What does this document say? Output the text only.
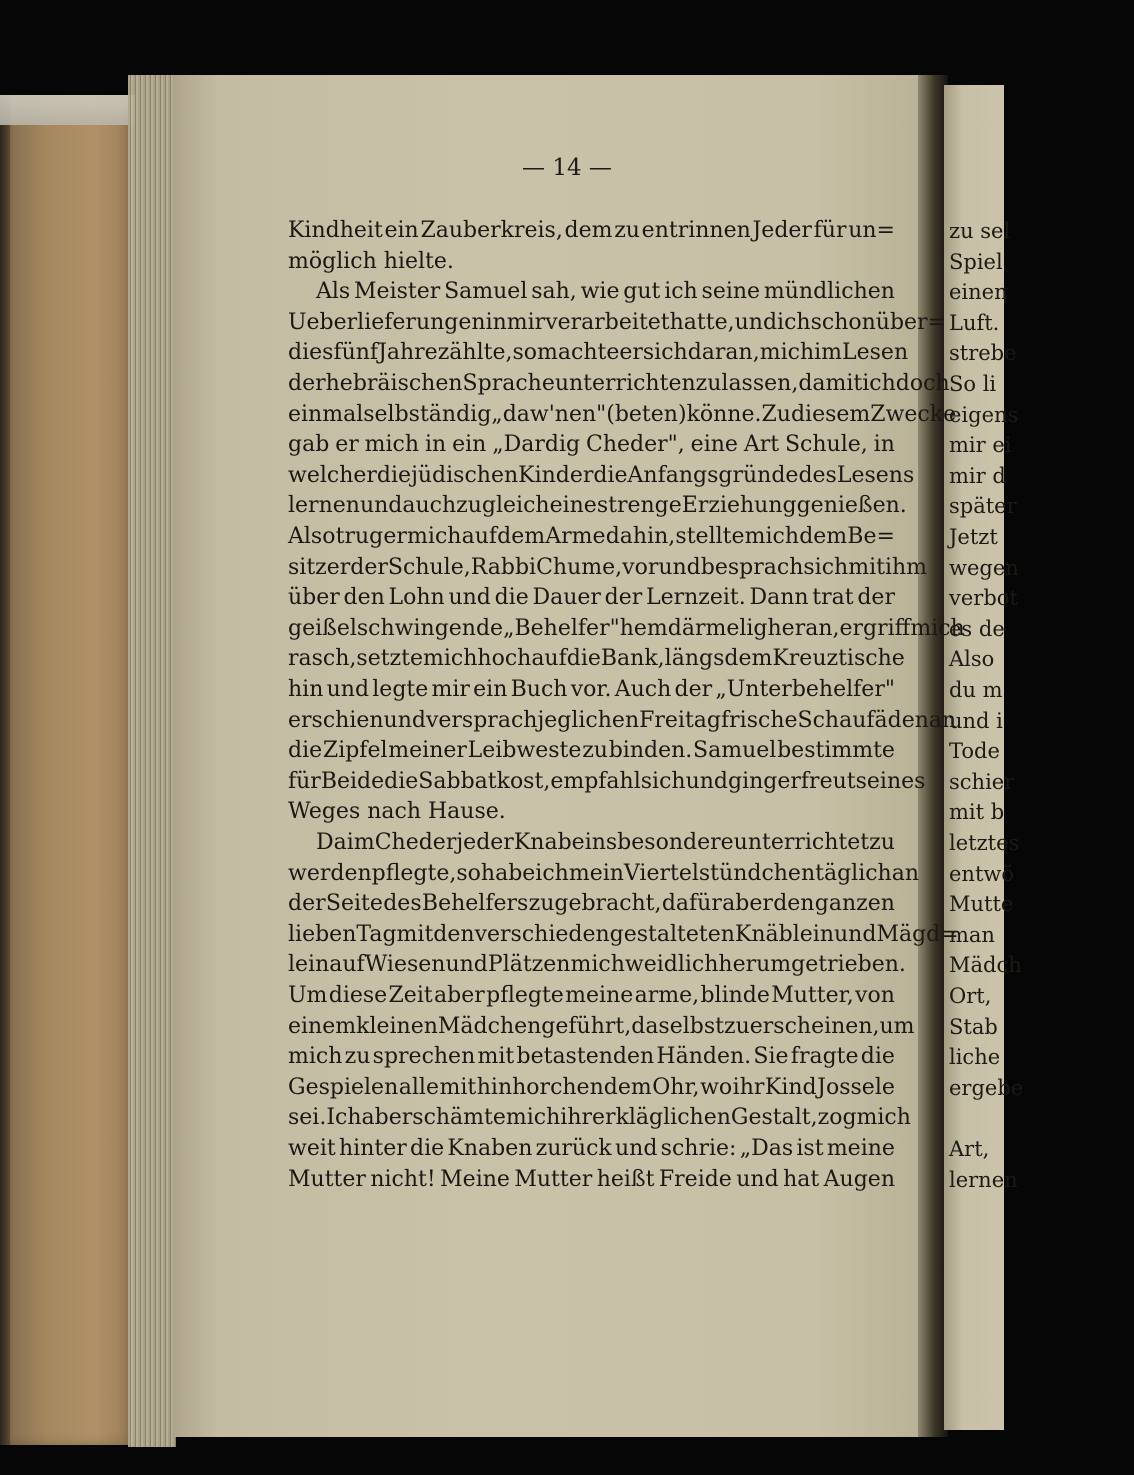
— 14 —
Kindheit ein Zauberkreis, dem zu entrinnen Jeder für un=
möglich hielte.
Als Meister Samuel sah, wie gut ich seine mündlichen
Ueberlieferungen in mir verarbeitet hatte, und ich schon über=
dies fünf Jahre zählte, so machte er sich daran, mich im Lesen
der hebräischen Sprache unterrichten zu lassen, damit ich doch
einmal selbständig „daw'nen" (beten) könne. Zu diesem Zwecke
gab er mich in ein „Dardig Cheder", eine Art Schule, in
welcher die jüdischen Kinder die Anfangsgründe des Lesens
lernen und auch zugleich eine strenge Erziehung genießen.
Also trug er mich auf dem Arme dahin, stellte mich dem Be=
sitzer der Schule, Rabbi Chume, vor und besprach sich mit ihm
über den Lohn und die Dauer der Lernzeit. Dann trat der
geißelschwingende „Behelfer" hemdärmelig heran, ergriff mich
rasch, setzte mich hoch auf die Bank, längs dem Kreuztische
hin und legte mir ein Buch vor. Auch der „Unterbehelfer"
erschien und versprach jeglichen Freitag frische Schaufäden an
die Zipfel meiner Leibweste zu binden. Samuel bestimmte
für Beide die Sabbatkost, empfahl sich und ging erfreut seines
Weges nach Hause.
Da im Cheder jeder Knabe insbesondere unterrichtet zu
werden pflegte, so habe ich mein Viertelstündchen täglich an
der Seite des Behelfers zugebracht, dafür aber den ganzen
lieben Tag mit den verschieden gestalteten Knäblein und Mägd=
lein auf Wiesen und Plätzen mich weidlich herumgetrieben.
Um diese Zeit aber pflegte meine arme, blinde Mutter, von
einem kleinen Mädchen geführt, daselbst zu erscheinen, um
mich zu sprechen mit betastenden Händen. Sie fragte die
Gespielen alle mit hinhorchendem Ohr, wo ihr Kind Jossele
sei. Ich aber schämte mich ihrer kläglichen Gestalt, zog mich
weit hinter die Knaben zurück und schrie: „Das ist meine
Mutter nicht! Meine Mutter heißt Freide und hat Augen
zu sel
Spiel
einen
Luft.
strebe
So li
eigens
mir ei
mir d
später
Jetzt
wegen
verbot
es de
Also
du m
und i
Tode
schier
mit b
letztes
entwö
Mutte
man
Mädch
Ort,
Stab
liche
ergebe
Art,
lernen
